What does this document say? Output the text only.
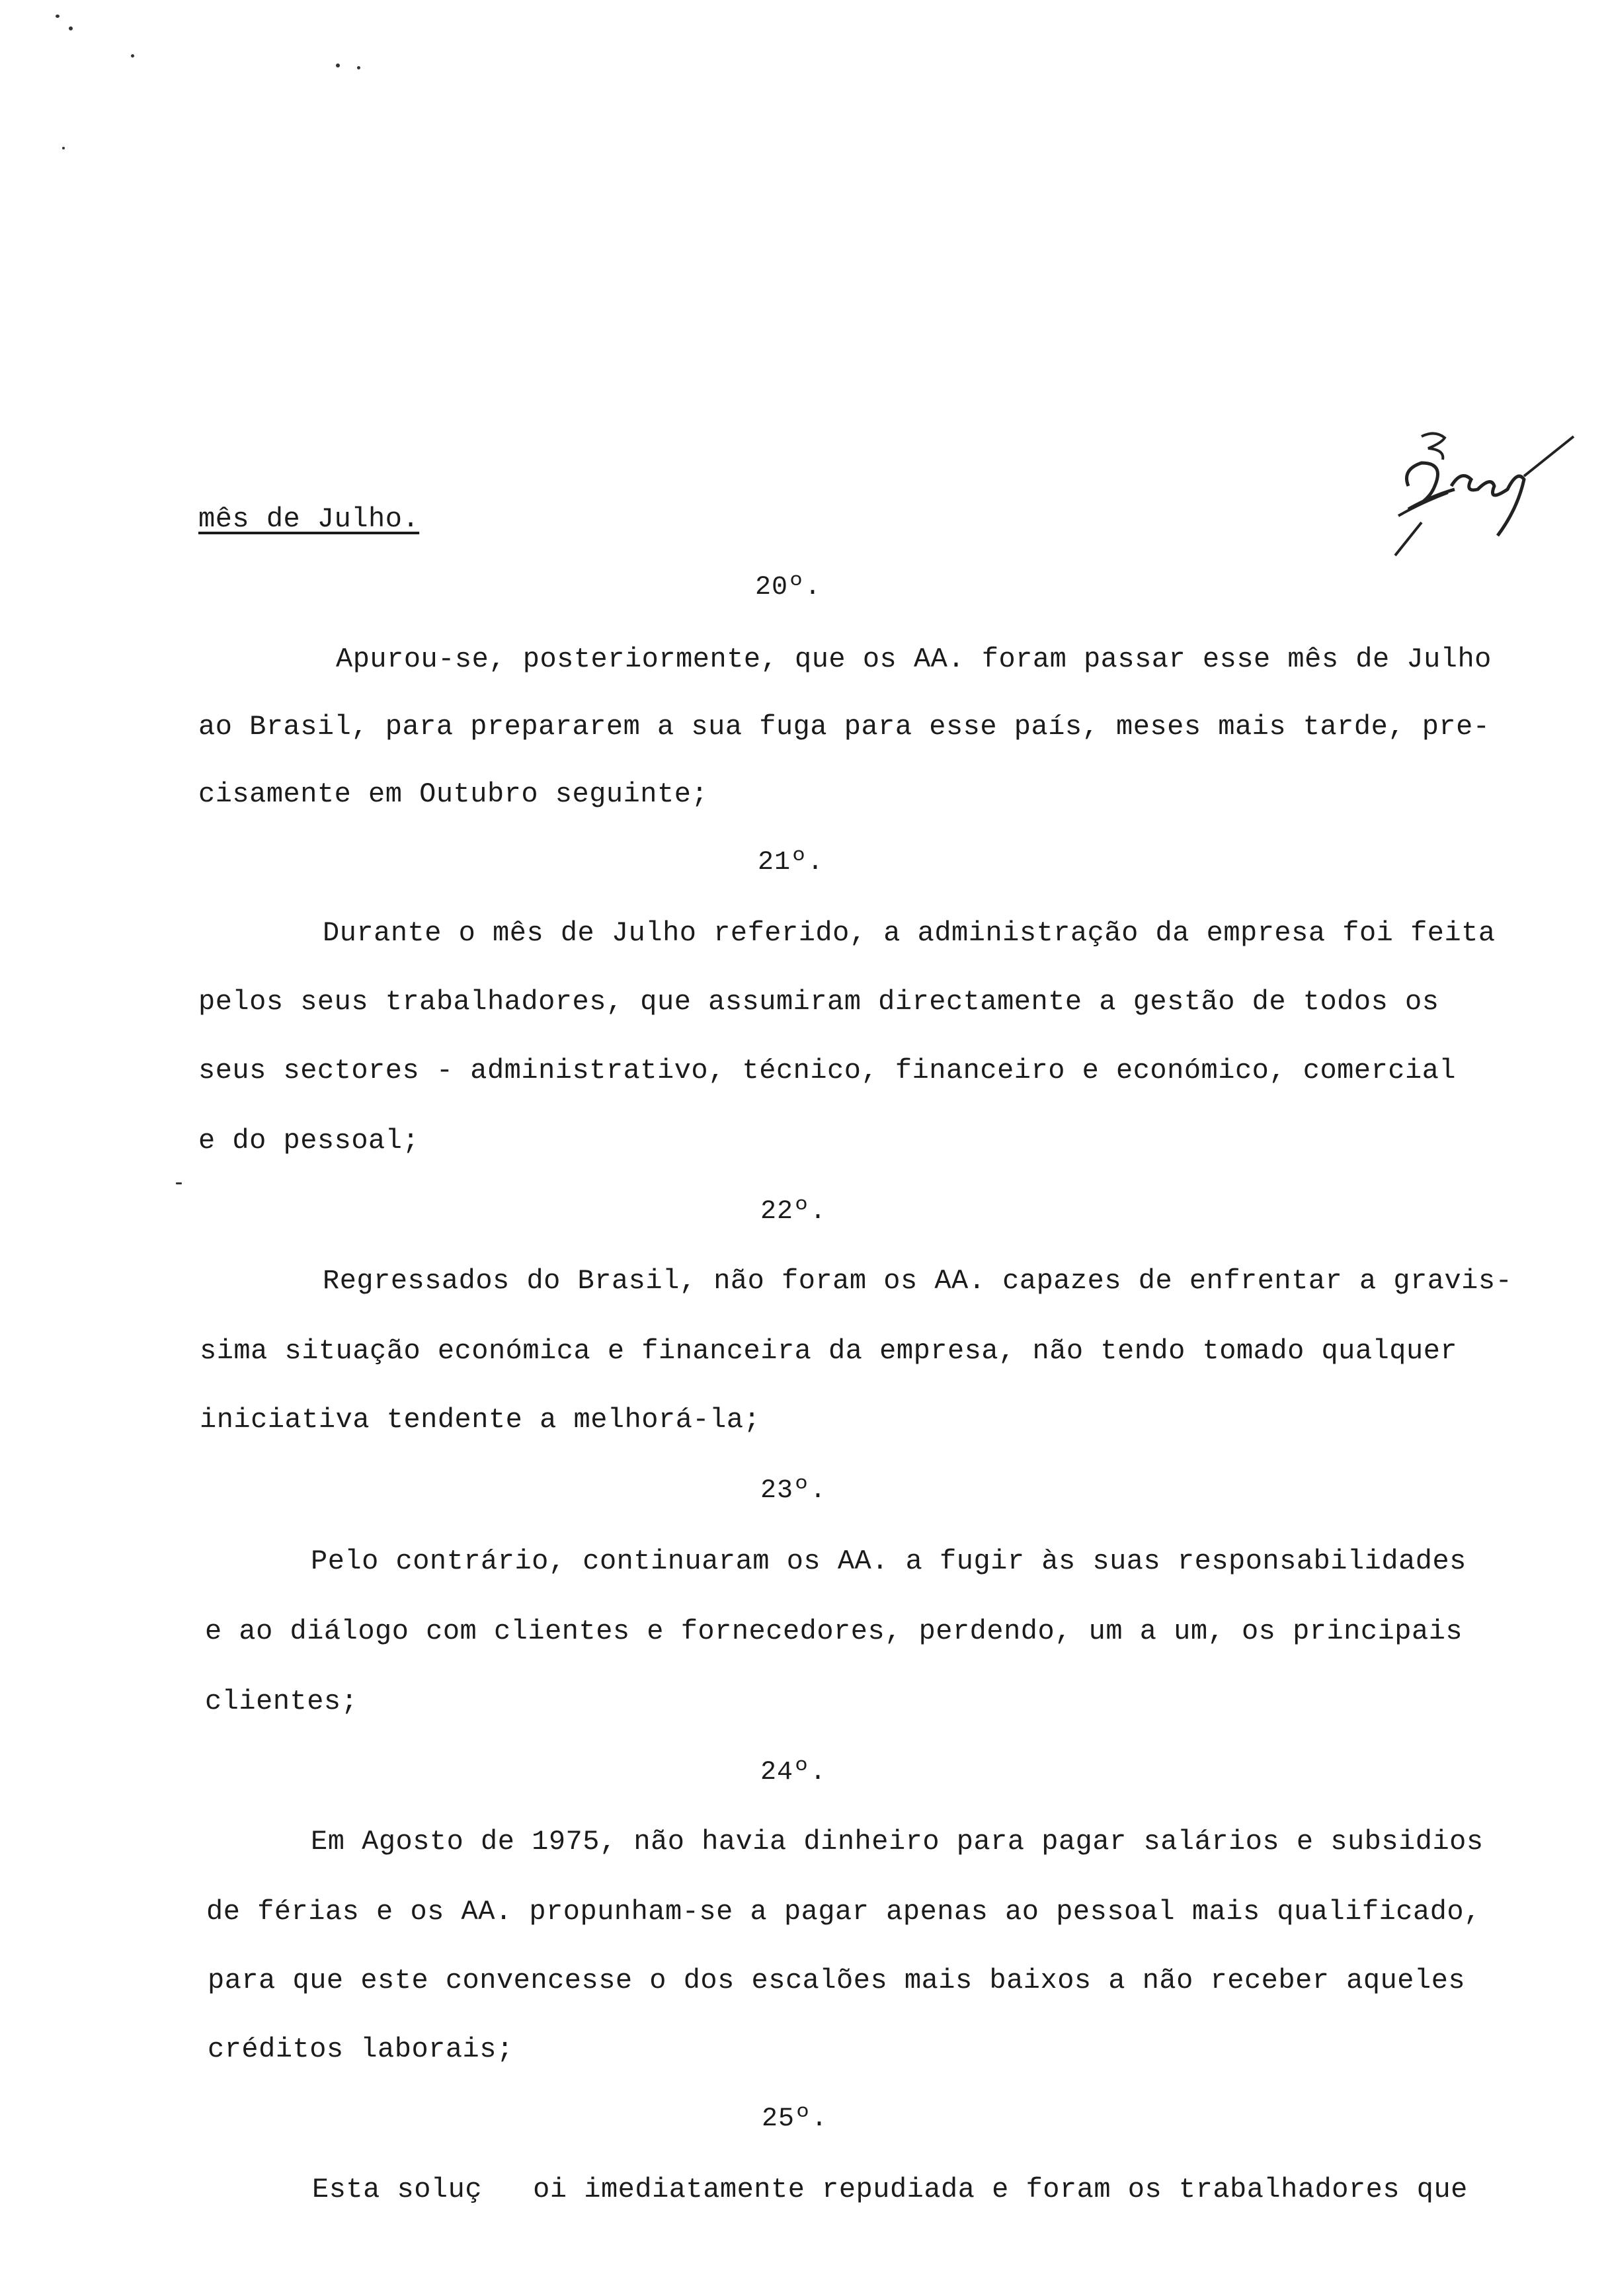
mês de Julho.
20º.
Apurou-se, posteriormente, que os AA. foram passar esse mês de Julho
ao Brasil, para prepararem a sua fuga para esse país, meses mais tarde, pre-
cisamente em Outubro seguinte;
21º.
Durante o mês de Julho referido, a administração da empresa foi feita
pelos seus trabalhadores, que assumiram directamente a gestão de todos os
seus sectores - administrativo, técnico, financeiro e económico, comercial
e do pessoal;
22º.
Regressados do Brasil, não foram os AA. capazes de enfrentar a gravis-
sima situação económica e financeira da empresa, não tendo tomado qualquer
iniciativa tendente a melhorá-la;
23º.
Pelo contrário, continuaram os AA. a fugir às suas responsabilidades
e ao diálogo com clientes e fornecedores, perdendo, um a um, os principais
clientes;
24º.
Em Agosto de 1975, não havia dinheiro para pagar salários e subsidios
de férias e os AA. propunham-se a pagar apenas ao pessoal mais qualificado,
para que este convencesse o dos escalões mais baixos a não receber aqueles
créditos laborais;
25º.
Esta soluç   oi imediatamente repudiada e foram os trabalhadores que
